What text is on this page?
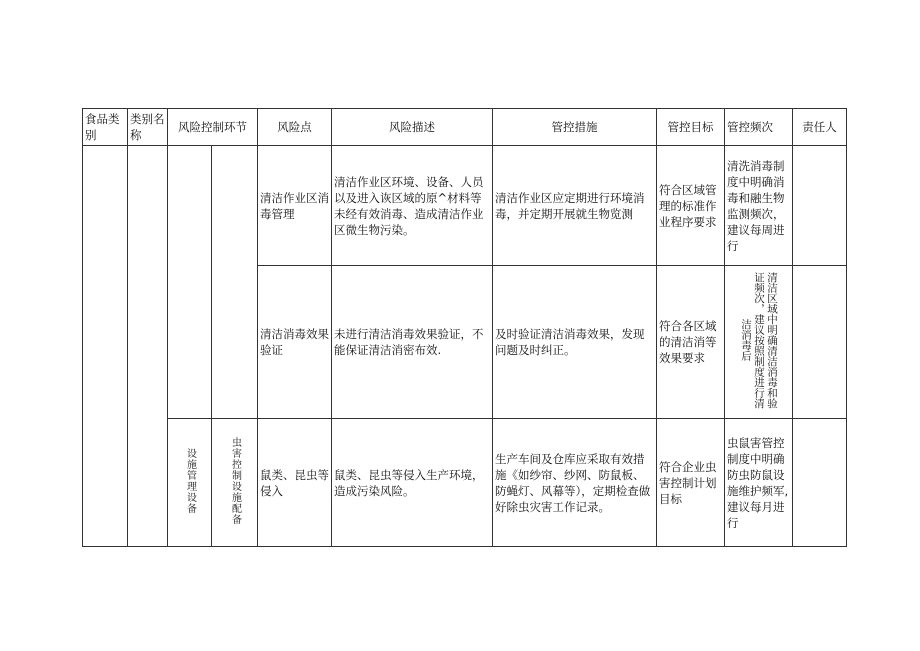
食品类别	类别名称	风险控制环节		风险点	风险描述	管控措施	管控目标	管控频次	责任人
				清洁作业区消毒管理	清洁作业区环境、设备、人员以及进入诙区域的原^材料等未经有效消毒、造成清洁作业区微生物污染。	清洁作业区应定期进行环境消毒，并定期开展就生物览测	符合区域管理的标准作业程序要求	清洗消毒制度中明确消毒和融生物监测频次，建议每周进行	
				清洁消毒效果验证	未进行清洁消毒效果验证，不能保证清洁消密布效.	及时验证清洁消毒效果，发现问题及时纠正。	符合各区域的清洁消等效果要求	清洁区域中明确清洁消毒和验证频次，建议按照制度进行清洁消毒后	
		设施管理设备	虫害控制设施配备	鼠类、昆虫等侵入	鼠类、昆虫等侵入生产环境，造成污染风险。	生产车间及仓库应采取有效措施《如纱帘、纱网、防鼠板、防蝇灯、风幕等），定期检查做好除虫灾害工作记录。	符合企业虫害控制计划目标	虫鼠害管控制度中明确防虫防鼠设施维护频军,建议每月进行	
